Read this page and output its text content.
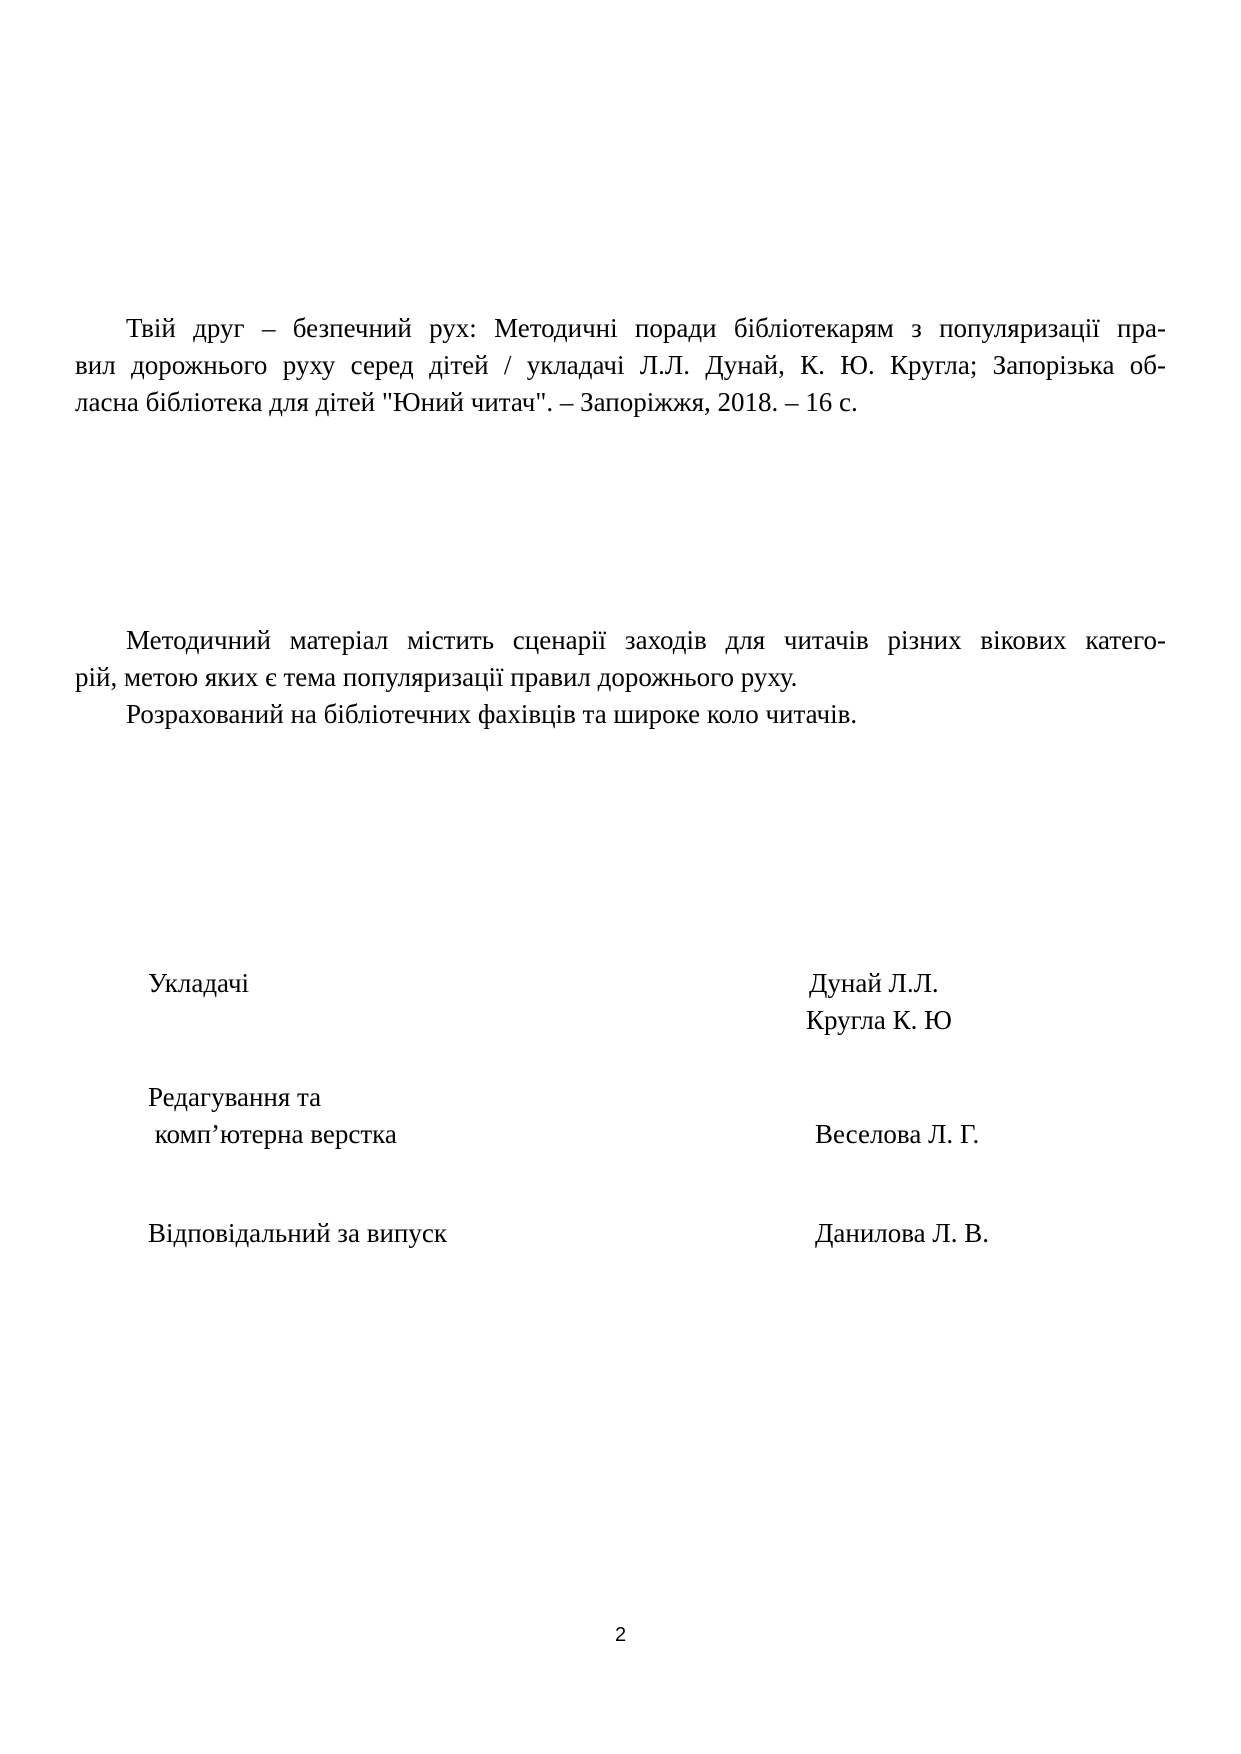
Твій друг – безпечний рух: Методичні поради бібліотекарям з популяризації пра-
вил дорожнього руху серед дітей / укладачі Л.Л. Дунай, К. Ю. Кругла; Запорізька об-
ласна бібліотека для дітей "Юний читач". – Запоріжжя, 2018. – 16 с.
Методичний матеріал містить сценарії заходів для читачів різних вікових катего-
рій, метою яких є тема популяризації правил дорожнього руху.
Розрахований на бібліотечних фахівців та широке коло читачів.
Укладачі	Дунай Л.Л.
Кругла К. Ю
Редагування та
комп’ютерна верстка	Веселова Л. Г.
Відповідальний за випуск	Данилова Л. В.
2
